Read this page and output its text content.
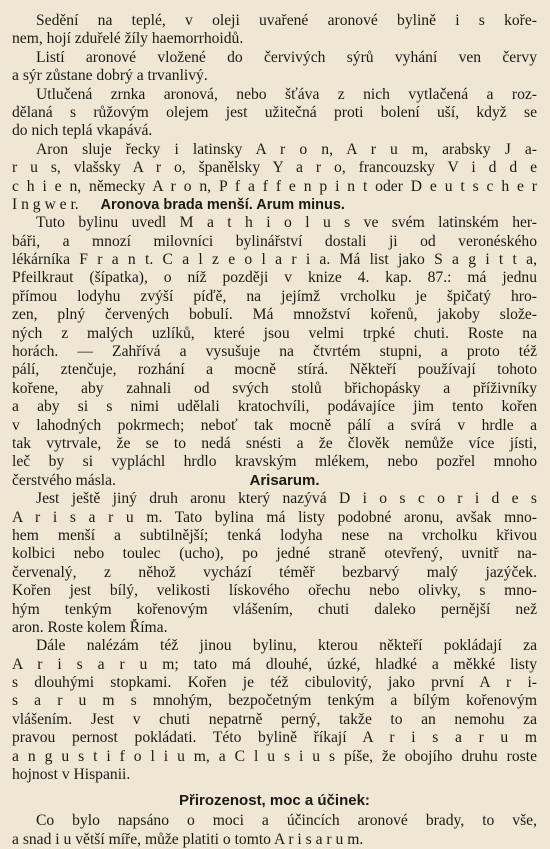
Sedění na teplé, v oleji uvařené aronové bylině i s koře-
nem, hojí zduřelé žíly haemorrhoidů.
Listí aronové vložené do červivých sýrů vyhání ven červy
a sýr zůstane dobrý a trvanlivý.
Utlučená zrnka aronová, nebo šťáva z nich vytlačená a roz-
dělaná s růžovým olejem jest užitečná proti bolení uší, když se
do nich teplá vkapává.
Aron sluje řecky i latinsky A r o n, A r u m, arabsky J a-
r u s, vlašsky A r o, španělsky Y a r o, francouzsky V i d d e
c h i e n, německy A r o n, P f a f f e n p i n t oder D e u t s c h e r
I n g w e r. Aronova brada menší. Arum minus.
Tuto bylinu uvedl M a t h i o l u s ve svém latinském her-
báři, a mnozí milovníci bylinářství dostali ji od veronéského
lékárníka F r a n t. C a l z e o l a r i a. Má list jako S a g i t t a,
Pfeilkraut (šípatka), o níž později v knize 4. kap. 87.: má jednu
přímou lodyhu zvýší píďě, na jejímž vrcholku je špičatý hro-
zen, plný červených bobulí. Má množství kořenů, jakoby slože-
ných z malých uzlíků, které jsou velmi trpké chuti. Roste na
horách. — Zahřívá a vysušuje na čtvrtém stupni, a proto též
pálí, ztenčuje, rozhání a mocně stírá. Někteří používají tohoto
kořene, aby zahnali od svých stolů břichopásky a příživníky
a aby si s nimi udělali kratochvíli, podávajíce jim tento kořen
v lahodných pokrmech; neboť tak mocně pálí a svírá v hrdle a
tak vytrvale, že se to nedá snésti a že člověk nemůže více jísti,
leč by si vypláchl hrdlo kravským mlékem, nebo pozřel mnoho
čerstvého másla.	Arisarum.
Jest ještě jiný druh aronu který nazývá D i o s c o r i d e s
A r i s a r u m. Tato bylina má listy podobné aronu, avšak mno-
hem menší a subtilnější; tenká lodyha nese na vrcholku křivou
kolbici nebo toulec (ucho), po jedné straně otevřený, uvnitř na-
červenalý, z něhož vychází téměř bezbarvý malý jazýček.
Kořen jest bílý, velikosti lískového ořechu nebo olivky, s mno-
hým tenkým kořenovým vlášením, chuti daleko pernější než
aron. Roste kolem Říma.
Dále nalézám též jinou bylinu, kterou někteří pokládají za
A r i s a r u m; tato má dlouhé, úzké, hladké a měkké listy
s dlouhými stopkami. Kořen je též cibulovitý, jako první A r i-
s a r u m s mnohým, bezpočetným tenkým a bílým kořenovým
vlášením. Jest v chuti nepatrně perný, takže to an nemohu za
pravou pernost pokládati. Této bylině říkají A r i s a r u m
a n g u s t i f o l i u m, a C l u s i u s píše, že obojího druhu roste
hojnost v Hispanii.
Přirozenost, moc a účinek:
Co bylo napsáno o moci a účincích aronové brady, to vše,
a snad i u větší míře, může platiti o tomto A r i s a r u m.
